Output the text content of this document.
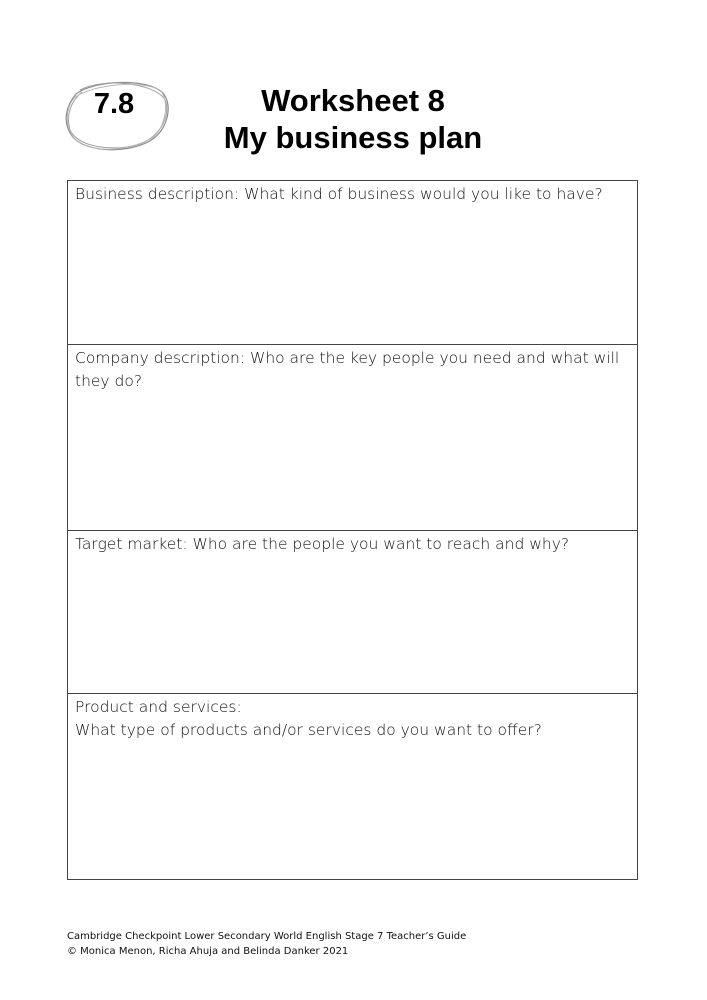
7.8	Worksheet 8
My business plan
Business description: What kind of business would you like to have?
Company description: Who are the key people you need and what will
they do?
Target market: Who are the people you want to reach and why?
Product and services:
What type of products and/or services do you want to offer?
Cambridge Checkpoint Lower Secondary World English Stage 7 Teacher’s Guide
© Monica Menon, Richa Ahuja and Belinda Danker 2021
